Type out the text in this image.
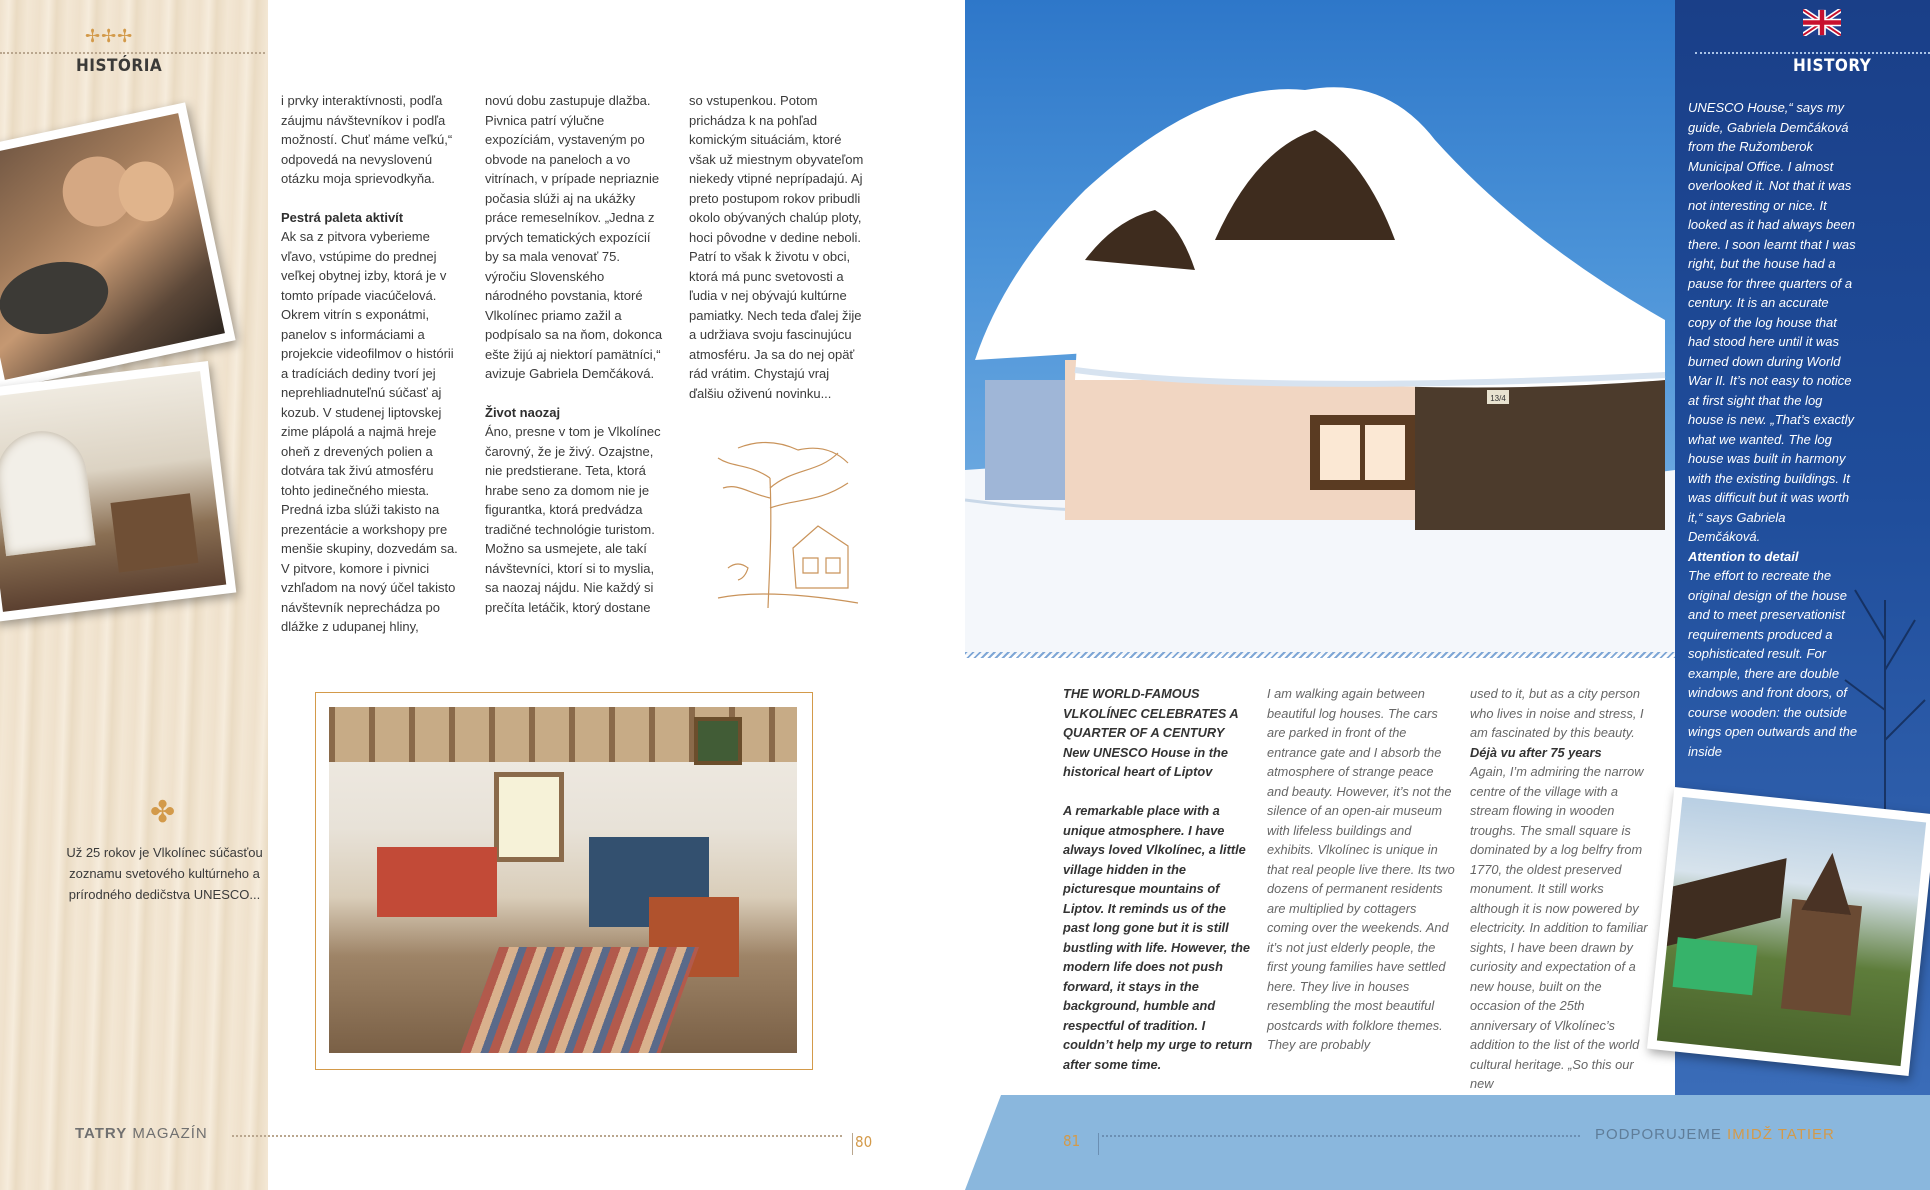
✢✢✢
HISTÓRIA

i prvky interaktívnosti, podľa záujmu návštevníkov i podľa možností. Chuť máme veľkú,“ odpovedá na nevyslovenú otázku moja sprievodkyňa.

Pestrá paleta aktivít

Ak sa z pitvora vyberieme vľavo, vstúpime do prednej veľkej obytnej izby, ktorá je v tomto prípade viacúčelová. Okrem vitrín s exponátmi, panelov s informáciami a projekcie videofilmov o histórii a tradíciách dediny tvorí jej neprehliadnuteľnú súčasť aj kozub. V studenej liptovskej zime plápolá a najmä hreje oheň z drevených polien a dotvára tak živú atmosféru tohto jedinečného miesta. Predná izba slúži takisto na prezentácie a workshopy pre menšie skupiny, dozvedám sa. V pitvore, komore i pivnici vzhľadom na nový účel takisto návštevník neprechádza po dlážke z udupanej hliny,

novú dobu zastupuje dlažba. Pivnica patrí výlučne expozíciám, vystaveným po obvode na paneloch a vo vitrínach, v prípade nepriaznie počasia slúži aj na ukážky práce remeselníkov. „Jedna z prvých tematických expozícií by sa mala venovať 75. výročiu Slovenského národného povstania, ktoré Vlkolínec priamo zažil a podpísalo sa na ňom, dokonca ešte žijú aj niektorí pamätníci,“ avizuje Gabriela Demčáková.

Život naozaj

Áno, presne v tom je Vlkolínec čarovný, že je živý. Ozajstne, nie predstierane. Teta, ktorá hrabe seno za domom nie je figurantka, ktorá predvádza tradičné technológie turistom. Možno sa usmejete, ale takí návštevníci, ktorí si to myslia, sa naozaj nájdu. Nie každý si prečíta letáčik, ktorý dostane

so vstupenkou. Potom prichádza k na pohľad komickým situáciám, ktoré však už miestnym obyvateľom niekedy vtipné neprípadajú. Aj preto postupom rokov pribudli okolo obývaných chalúp ploty, hoci pôvodne v dedine neboli. Patrí to však k životu v obci, ktorá má punc svetovosti a ľudia v nej obývajú kultúrne pamiatky. Nech teda ďalej žije a udržiava svoju fascinujúcu atmosféru. Ja sa do nej opäť rád vrátim. Chystajú vraj ďalšiu oživenú novinku...

✤
Už 25 rokov je Vlkolínec súčasťou zoznamu svetového kultúrneho a prírodného dedičstva UNESCO...
TATRY MAGAZÍN	80
13/4
HISTORY

UNESCO House,“ says my guide, Gabriela Demčáková from the Ružomberok Municipal Office. I almost overlooked it. Not that it was not interesting or nice. It looked as it had always been there. I soon learnt that I was right, but the house had a pause for three quarters of a century. It is an accurate copy of the log house that had stood here until it was burned down during World War II. It’s not easy to notice at first sight that the log house is new. „That’s exactly what we wanted. The log house was built in harmony with the existing buildings. It was difficult but it was worth it,“ says Gabriela Demčáková.

Attention to detail

The effort to recreate the original design of the house and to meet preservationist requirements produced a sophisticated result. For example, there are double windows and front doors, of course wooden: the outside wings open outwards and the inside

THE WORLD-FAMOUS VLKOLÍNEC CELEBRATES A QUARTER OF A CENTURY

New UNESCO House in the historical heart of Liptov

A remarkable place with a unique atmosphere. I have always loved Vlkolínec, a little village hidden in the picturesque mountains of Liptov. It reminds us of the past long gone but it is still bustling with life. However, the modern life does not push forward, it stays in the background, humble and respectful of tradition. I couldn’t help my urge to return after some time.

I am walking again between beautiful log houses. The cars are parked in front of the entrance gate and I absorb the atmosphere of strange peace and beauty. However, it’s not the silence of an open-air museum with lifeless buildings and exhibits. Vlkolínec is unique in that real people live there. Its two dozens of permanent residents are multiplied by cottagers coming over the weekends. And it’s not just elderly people, the first young families have settled here. They live in houses resembling the most beautiful postcards with folklore themes. They are probably

used to it, but as a city person who lives in noise and stress, I am fascinated by this beauty.

Déjà vu after 75 years

Again, I’m admiring the narrow centre of the village with a stream flowing in wooden troughs. The small square is dominated by a log belfry from 1770, the oldest preserved monument. It still works although it is now powered by electricity. In addition to familiar sights, I have been drawn by curiosity and expectation of a new house, built on the occasion of the 25th anniversary of Vlkolínec’s addition to the list of the world cultural heritage. „So this our new

81	PODPORUJEME IMIDŽ TATIER
